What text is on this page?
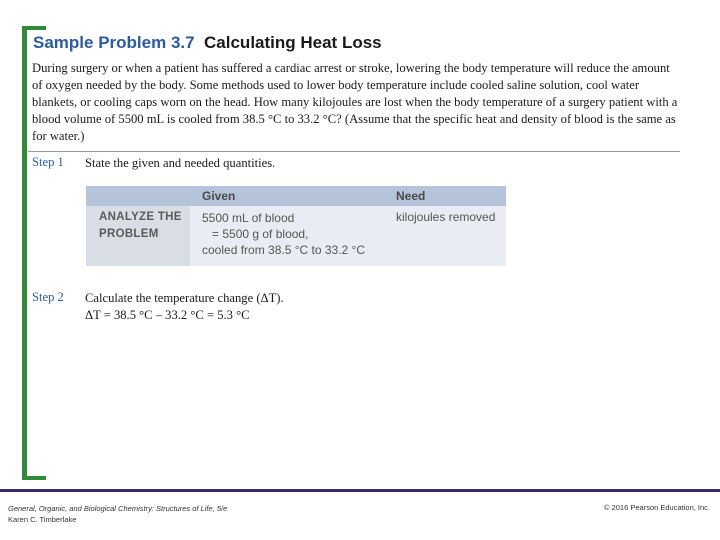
Sample Problem 3.7  Calculating Heat Loss
During surgery or when a patient has suffered a cardiac arrest or stroke, lowering the body temperature will reduce the amount of oxygen needed by the body. Some methods used to lower body temperature include cooled saline solution, cool water blankets, or cooling caps worn on the head. How many kilojoules are lost when the body temperature of a surgery patient with a blood volume of 5500 mL is cooled from 38.5 °C to 33.2 °C? (Assume that the specific heat and density of blood is the same as for water.)
Step 1 State the given and needed quantities.
Given	Need
ANALYZE THE
PROBLEM
5500 mL of blood
= 5500 g of blood,
cooled from 38.5 °C to 33.2 °C
kilojoules removed
Step 2 Calculate the temperature change (ΔT).
ΔT = 38.5 °C – 33.2 °C = 5.3 °C
General, Organic, and Biological Chemistry: Structures of Life, 5/e
Karen C. Timberlake
© 2016 Pearson Education, Inc.
